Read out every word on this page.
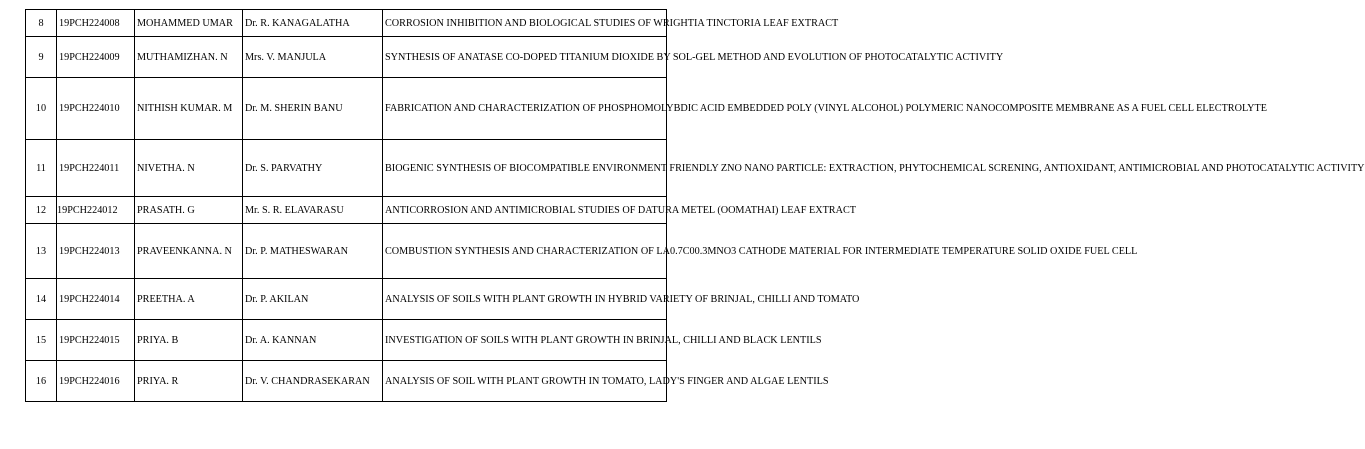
8	19PCH224008	MOHAMMED UMAR	Dr. R. KANAGALATHA	CORROSION INHIBITION AND BIOLOGICAL STUDIES OF WRIGHTIA TINCTORIA LEAF EXTRACT
9	19PCH224009	MUTHAMIZHAN. N	Mrs. V. MANJULA	SYNTHESIS OF ANATASE CO-DOPED TITANIUM DIOXIDE BY SOL-GEL METHOD AND EVOLUTION OF PHOTOCATALYTIC ACTIVITY
10	19PCH224010	NITHISH KUMAR. M	Dr. M. SHERIN BANU	FABRICATION AND CHARACTERIZATION OF PHOSPHOMOLYBDIC ACID EMBEDDED POLY (VINYL ALCOHOL) POLYMERIC NANOCOMPOSITE MEMBRANE AS A FUEL CELL ELECTROLYTE
11	19PCH224011	NIVETHA. N	Dr. S. PARVATHY	BIOGENIC SYNTHESIS OF BIOCOMPATIBLE ENVIRONMENT FRIENDLY ZNO NANO PARTICLE: EXTRACTION, PHYTOCHEMICAL SCRENING, ANTIOXIDANT, ANTIMICROBIAL AND PHOTOCATALYTIC ACTIVITY
12	19PCH224012	PRASATH. G	Mr. S. R. ELAVARASU	ANTICORROSION AND ANTIMICROBIAL STUDIES OF DATURA METEL (OOMATHAI) LEAF EXTRACT
13	19PCH224013	PRAVEENKANNA. N	Dr. P. MATHESWARAN	COMBUSTION SYNTHESIS AND CHARACTERIZATION OF LA0.7C00.3MNO3 CATHODE MATERIAL FOR INTERMEDIATE TEMPERATURE SOLID OXIDE FUEL CELL
14	19PCH224014	PREETHA. A	Dr. P. AKILAN	ANALYSIS OF SOILS WITH PLANT GROWTH IN HYBRID VARIETY OF BRINJAL, CHILLI AND TOMATO
15	19PCH224015	PRIYA. B	Dr. A. KANNAN	INVESTIGATION OF SOILS WITH PLANT GROWTH IN BRINJAL, CHILLI AND BLACK LENTILS
16	19PCH224016	PRIYA. R	Dr. V. CHANDRASEKARAN	ANALYSIS OF SOIL WITH PLANT GROWTH IN TOMATO, LADY'S FINGER AND ALGAE LENTILS
